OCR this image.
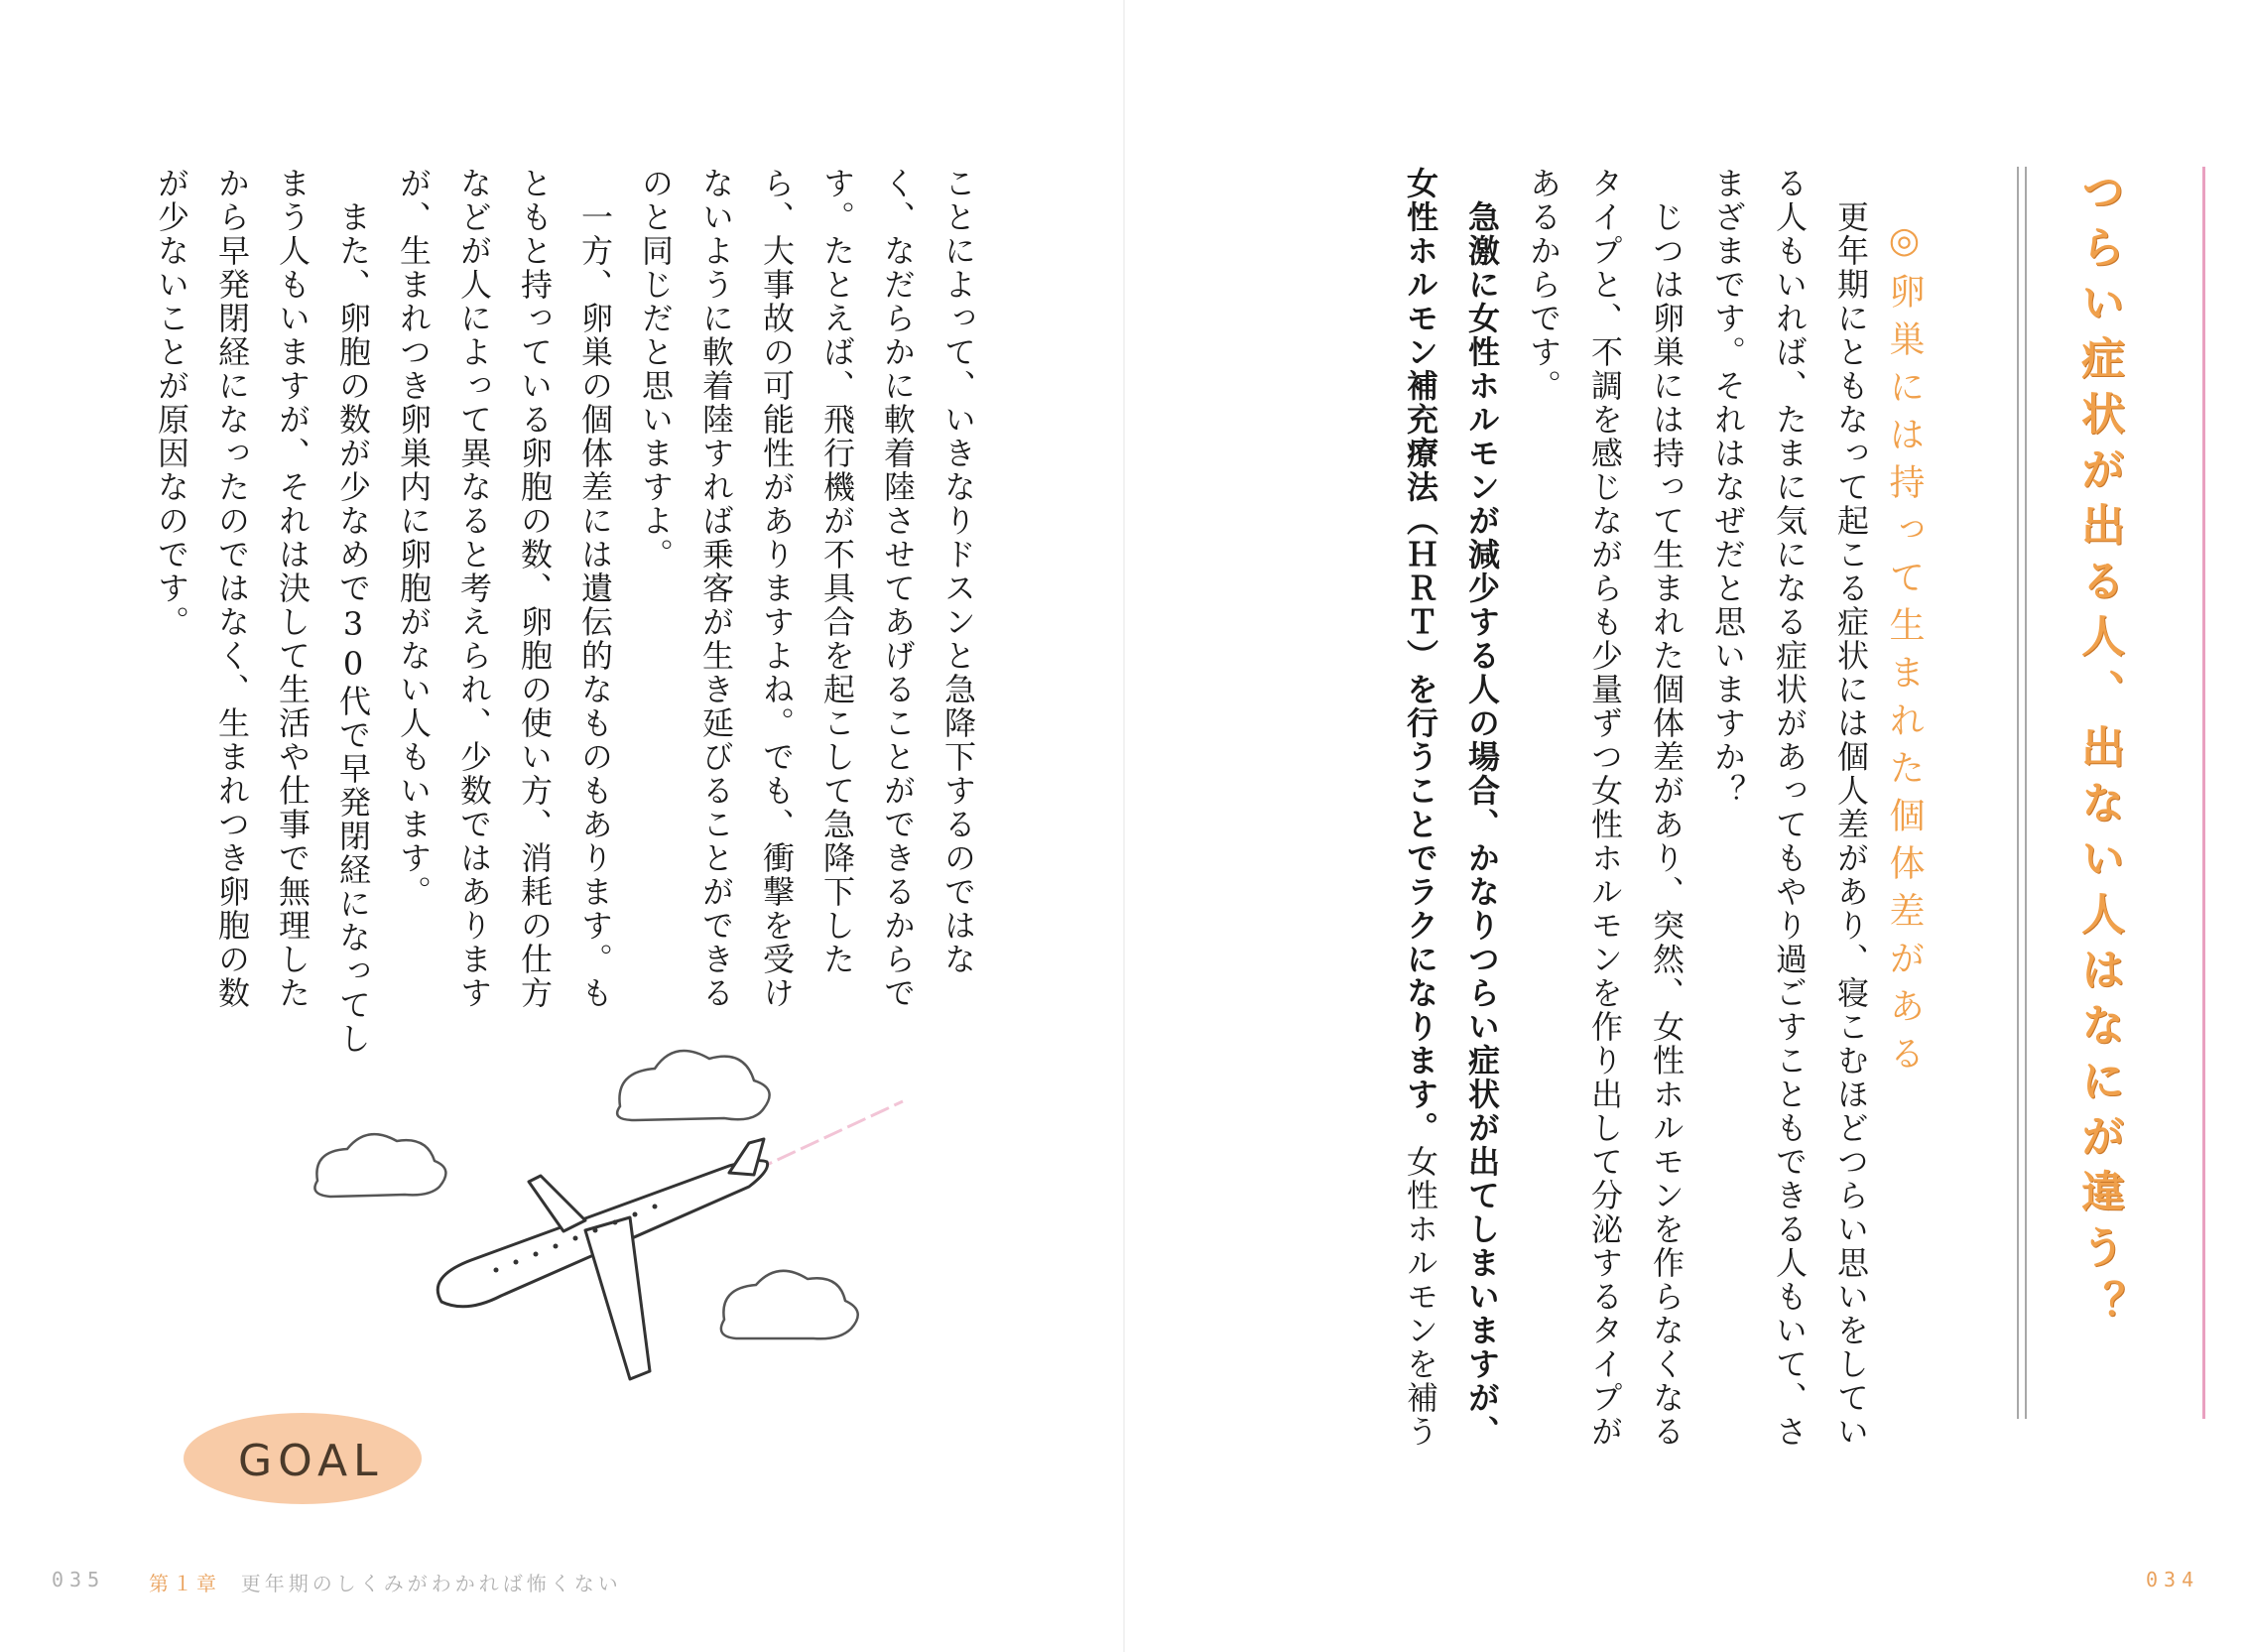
つらい症状が出る人、出ない人はなにが違う？
◎卵巣には持って生まれた個体差がある
　更年期にともなって起こる症状には個人差があり、寝こむほどつらい思いをしてい
る人もいれば、たまに気になる症状があってもやり過ごすこともできる人もいて、さ
まざまです。それはなぜだと思いますか？
　じつは卵巣には持って生まれた個体差があり、突然、女性ホルモンを作らなくなる
タイプと、不調を感じながらも少量ずつ女性ホルモンを作り出して分泌するタイプが
あるからです。
　急激に女性ホルモンが減少する人の場合、かなりつらい症状が出てしまいますが、
女性ホルモン補充療法（ＨＲＴ）を行うことでラクになります。女性ホルモンを補う
034
ことによって、いきなりドスンと急降下するのではな
く、なだらかに軟着陸させてあげることができるからで
す。たとえば、飛行機が不具合を起こして急降下した
ら、大事故の可能性がありますよね。でも、衝撃を受け
ないように軟着陸すれば乗客が生き延びることができる
のと同じだと思いますよ。
　一方、卵巣の個体差には遺伝的なものもあります。も
ともと持っている卵胞の数、卵胞の使い方、消耗の仕方
などが人によって異なると考えられ、少数ではあります
が、生まれつき卵巣内に卵胞がない人もいます。
　また、卵胞の数が少なめで30代で早発閉経になってし
まう人もいますが、それは決して生活や仕事で無理した
から早発閉経になったのではなく、生まれつき卵胞の数
が少ないことが原因なのです。
GOAL
035 第１章 更年期のしくみがわかれば怖くない
